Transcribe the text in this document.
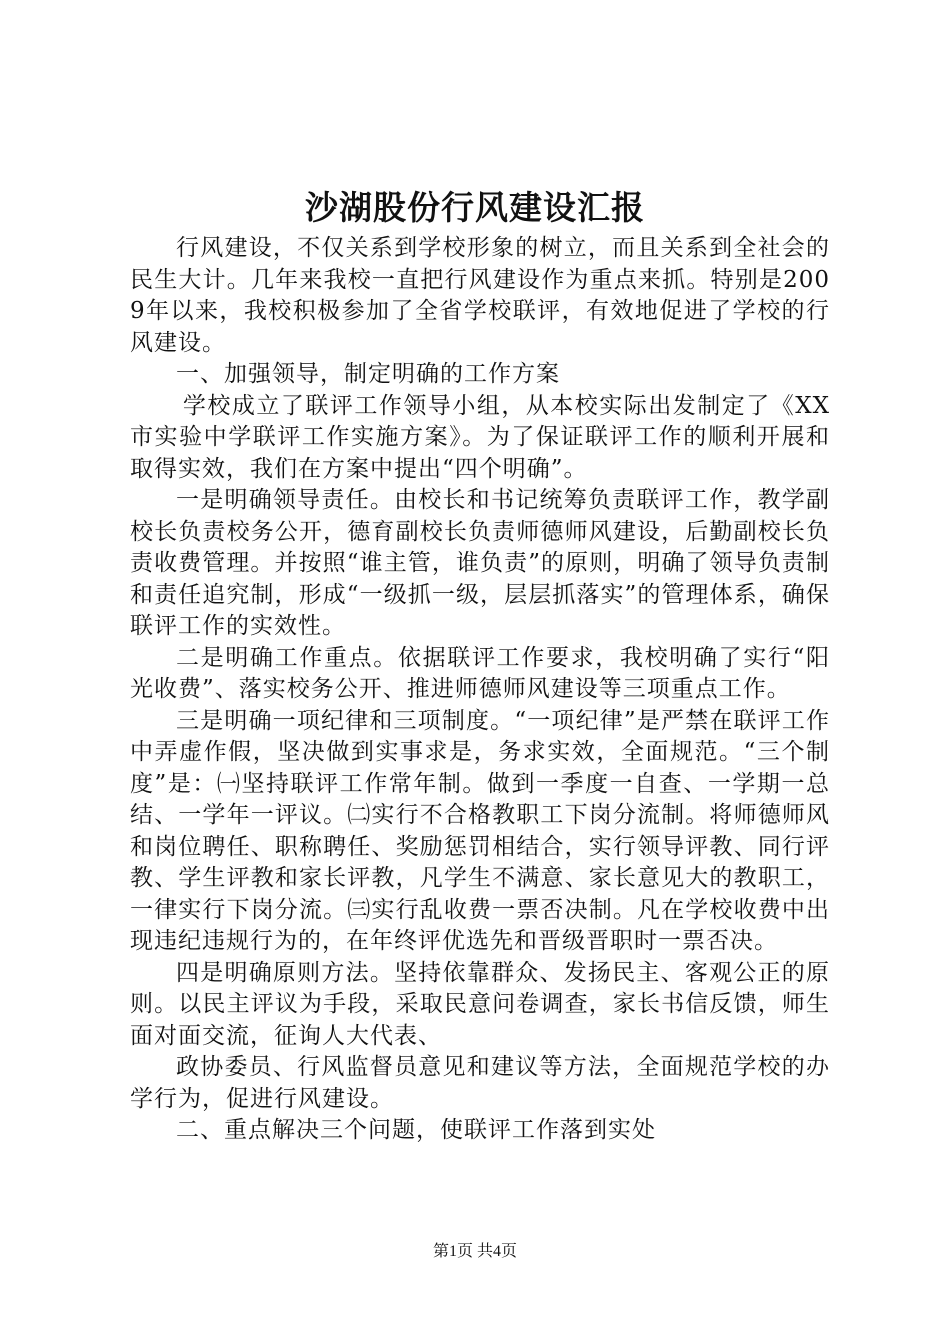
沙湖股份行风建设汇报

行风建设，不仅关系到学校形象的树立，而且关系到全社会的民生大计。几年来我校一直把行风建设作为重点来抓。特别是2009年以来，我校积极参加了全省学校联评，有效地促进了学校的行风建设。

一、加强领导，制定明确的工作方案

学校成立了联评工作领导小组，从本校实际出发制定了《XX市实验中学联评工作实施方案》。为了保证联评工作的顺利开展和取得实效，我们在方案中提出“四个明确”。

一是明确领导责任。由校长和书记统筹负责联评工作，教学副校长负责校务公开，德育副校长负责师德师风建设，后勤副校长负责收费管理。并按照“谁主管，谁负责”的原则，明确了领导负责制和责任追究制，形成“一级抓一级，层层抓落实”的管理体系，确保联评工作的实效性。

二是明确工作重点。依据联评工作要求，我校明确了实行“阳光收费”、落实校务公开、推进师德师风建设等三项重点工作。

三是明确一项纪律和三项制度。“一项纪律”是严禁在联评工作中弄虚作假，坚决做到实事求是，务求实效，全面规范。“三个制度”是：㈠坚持联评工作常年制。做到一季度一自查、一学期一总结、一学年一评议。㈡实行不合格教职工下岗分流制。将师德师风和岗位聘任、职称聘任、奖励惩罚相结合，实行领导评教、同行评教、学生评教和家长评教，凡学生不满意、家长意见大的教职工，一律实行下岗分流。㈢实行乱收费一票否决制。凡在学校收费中出现违纪违规行为的，在年终评优选先和晋级晋职时一票否决。

四是明确原则方法。坚持依靠群众、发扬民主、客观公正的原则。以民主评议为手段，采取民意问卷调查，家长书信反馈，师生面对面交流，征询人大代表、

政协委员、行风监督员意见和建议等方法，全面规范学校的办学行为，促进行风建设。

二、重点解决三个问题，使联评工作落到实处

第1页 共4页
